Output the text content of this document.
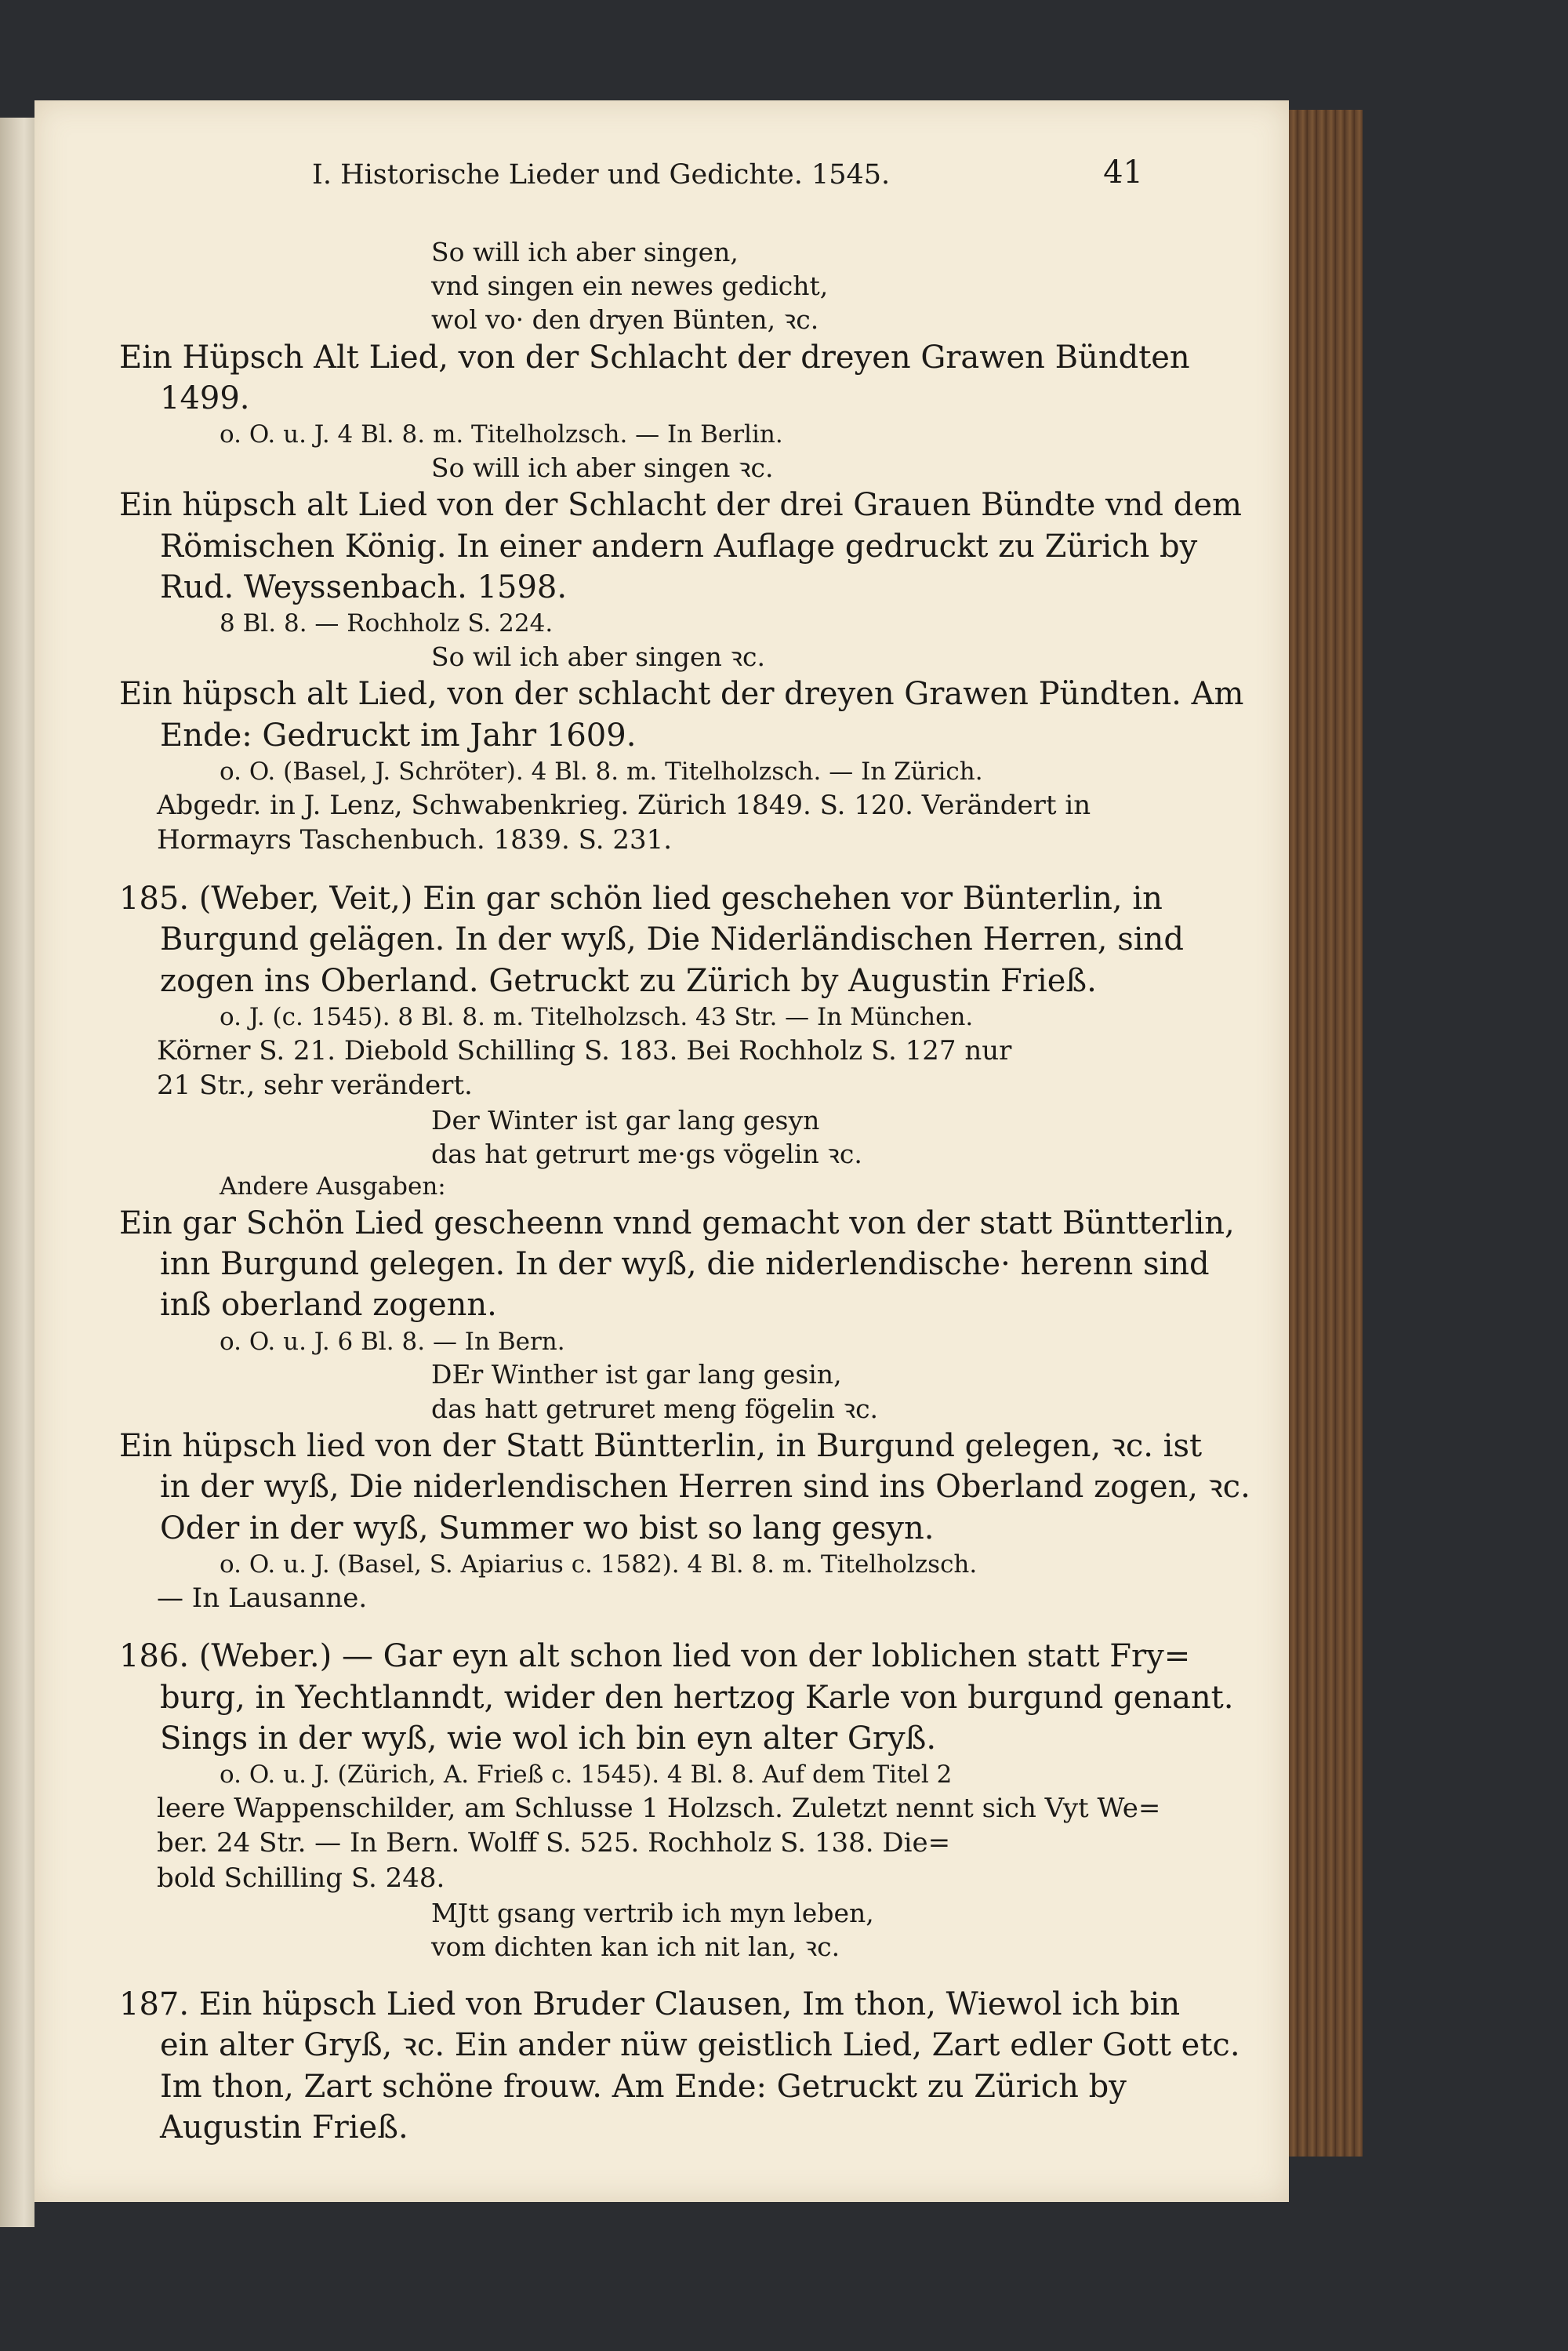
I. Historische Lieder und Gedichte. 1545.	41
So will ich aber singen,
vnd singen ein newes gedicht,
wol vo· den dryen Bünten, ꝛc.
Ein Hüpsch Alt Lied, von der Schlacht der dreyen Grawen Bündten
1499.
o. O. u. J. 4 Bl. 8. m. Titelholzsch. — In Berlin.
So will ich aber singen ꝛc.
Ein hüpsch alt Lied von der Schlacht der drei Grauen Bündte vnd dem
Römischen König. In einer andern Auflage gedruckt zu Zürich by
Rud. Weyssenbach. 1598.
8 Bl. 8. — Rochholz S. 224.
So wil ich aber singen ꝛc.
Ein hüpsch alt Lied, von der schlacht der dreyen Grawen Pündten. Am
Ende: Gedruckt im Jahr 1609.
o. O. (Basel, J. Schröter). 4 Bl. 8. m. Titelholzsch. — In Zürich.
Abgedr. in J. Lenz, Schwabenkrieg. Zürich 1849. S. 120. Verändert in
Hormayrs Taschenbuch. 1839. S. 231.
185. (Weber, Veit,) Ein gar schön lied geschehen vor Bünterlin, in
Burgund gelägen. In der wyß, Die Niderländischen Herren, sind
zogen ins Oberland. Getruckt zu Zürich by Augustin Frieß.
o. J. (c. 1545). 8 Bl. 8. m. Titelholzsch. 43 Str. — In München.
Körner S. 21. Diebold Schilling S. 183. Bei Rochholz S. 127 nur
21 Str., sehr verändert.
Der Winter ist gar lang gesyn
das hat getrurt me·gs vögelin ꝛc.
Andere Ausgaben:
Ein gar Schön Lied gescheenn vnnd gemacht von der statt Büntterlin,
inn Burgund gelegen. In der wyß, die niderlendische· herenn sind
inß oberland zogenn.
o. O. u. J. 6 Bl. 8. — In Bern.
DEr Winther ist gar lang gesin,
das hatt getruret meng fögelin ꝛc.
Ein hüpsch lied von der Statt Büntterlin, in Burgund gelegen, ꝛc. ist
in der wyß, Die niderlendischen Herren sind ins Oberland zogen, ꝛc.
Oder in der wyß, Summer wo bist so lang gesyn.
o. O. u. J. (Basel, S. Apiarius c. 1582). 4 Bl. 8. m. Titelholzsch.
— In Lausanne.
186. (Weber.) — Gar eyn alt schon lied von der loblichen statt Fry=
burg, in Yechtlanndt, wider den hertzog Karle von burgund genant.
Sings in der wyß, wie wol ich bin eyn alter Gryß.
o. O. u. J. (Zürich, A. Frieß c. 1545). 4 Bl. 8. Auf dem Titel 2
leere Wappenschilder, am Schlusse 1 Holzsch. Zuletzt nennt sich Vyt We=
ber. 24 Str. — In Bern. Wolff S. 525. Rochholz S. 138. Die=
bold Schilling S. 248.
MJtt gsang vertrib ich myn leben,
vom dichten kan ich nit lan, ꝛc.
187. Ein hüpsch Lied von Bruder Clausen, Im thon, Wiewol ich bin
ein alter Gryß, ꝛc. Ein ander nüw geistlich Lied, Zart edler Gott etc.
Im thon, Zart schöne frouw. Am Ende: Getruckt zu Zürich by
Augustin Frieß.
